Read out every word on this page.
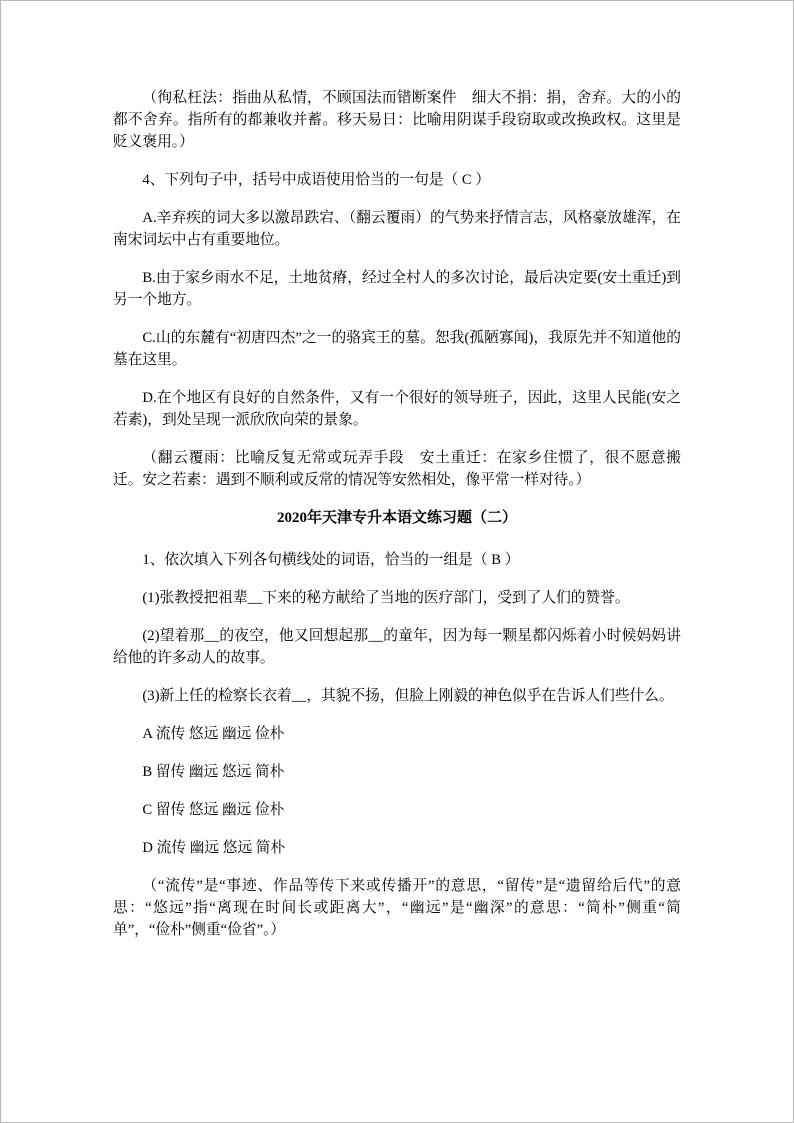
（徇私枉法：指曲从私情，不顾国法而错断案件　细大不捐：捐，舍弃。大的小的都不舍弃。指所有的都兼收并蓄。移天易日：比喻用阴谋手段窃取或改换政权。这里是贬义褒用。）

4、下列句子中，括号中成语使用恰当的一句是（ C ）

A.辛弃疾的词大多以激昂跌宕、（翻云覆雨）的气势来抒情言志，风格豪放雄浑，在南宋词坛中占有重要地位。

B.由于家乡雨水不足，土地贫瘠，经过全村人的多次讨论，最后决定要(安土重迁)到另一个地方。

C.山的东麓有“初唐四杰”之一的骆宾王的墓。恕我(孤陋寡闻)，我原先并不知道他的墓在这里。

D.在个地区有良好的自然条件，又有一个很好的领导班子，因此，这里人民能(安之若素)，到处呈现一派欣欣向荣的景象。

（翻云覆雨：比喻反复无常或玩弄手段　安土重迁：在家乡住惯了，很不愿意搬迁。安之若素：遇到不顺利或反常的情况等安然相处，像平常一样对待。）

2020年天津专升本语文练习题（二）

1、依次填入下列各句横线处的词语，恰当的一组是（ B ）

(1)张教授把祖辈__下来的秘方献给了当地的医疗部门，受到了人们的赞誉。

(2)望着那__的夜空，他又回想起那__的童年，因为每一颗星都闪烁着小时候妈妈讲给他的许多动人的故事。

(3)新上任的检察长衣着__，其貌不扬，但脸上刚毅的神色似乎在告诉人们些什么。

A 流传 悠远 幽远 俭朴

B 留传 幽远 悠远 简朴

C 留传 悠远 幽远 俭朴

D 流传 幽远 悠远 简朴

（“流传”是“事迹、作品等传下来或传播开”的意思，“留传”是“遗留给后代”的意思：“悠远”指“离现在时间长或距离大”，“幽远”是“幽深”的意思：“简朴”侧重“简单”，“俭朴”侧重“俭省”。）
